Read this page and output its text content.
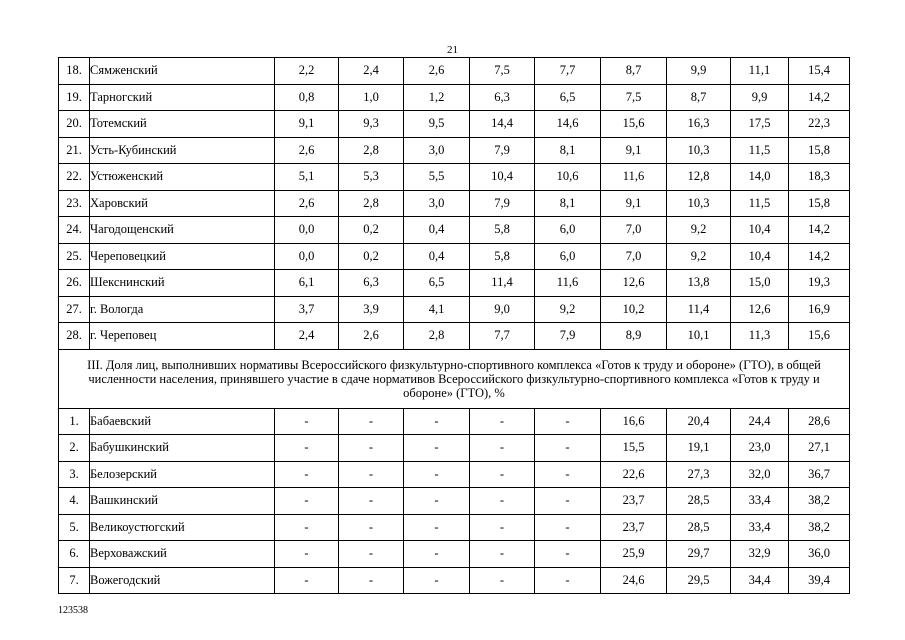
21
18.	Сямженский	2,2	2,4	2,6	7,5	7,7	8,7	9,9	11,1	15,4
19.	Тарногский	0,8	1,0	1,2	6,3	6,5	7,5	8,7	9,9	14,2
20.	Тотемский	9,1	9,3	9,5	14,4	14,6	15,6	16,3	17,5	22,3
21.	Усть-Кубинский	2,6	2,8	3,0	7,9	8,1	9,1	10,3	11,5	15,8
22.	Устюженский	5,1	5,3	5,5	10,4	10,6	11,6	12,8	14,0	18,3
23.	Харовский	2,6	2,8	3,0	7,9	8,1	9,1	10,3	11,5	15,8
24.	Чагодощенский	0,0	0,2	0,4	5,8	6,0	7,0	9,2	10,4	14,2
25.	Череповецкий	0,0	0,2	0,4	5,8	6,0	7,0	9,2	10,4	14,2
26.	Шекснинский	6,1	6,3	6,5	11,4	11,6	12,6	13,8	15,0	19,3
27.	г. Вологда	3,7	3,9	4,1	9,0	9,2	10,2	11,4	12,6	16,9
28.	г. Череповец	2,4	2,6	2,8	7,7	7,9	8,9	10,1	11,3	15,6
III. Доля лиц, выполнивших нормативы Всероссийского физкультурно-спортивного комплекса «Готов к труду и обороне» (ГТО), в общей численности населения, принявшего участие в сдаче нормативов Всероссийского физкультурно-спортивного комплекса «Готов к труду и обороне» (ГТО), %										
1.	Бабаевский	-	-	-	-	-	16,6	20,4	24,4	28,6
2.	Бабушкинский	-	-	-	-	-	15,5	19,1	23,0	27,1
3.	Белозерский	-	-	-	-	-	22,6	27,3	32,0	36,7
4.	Вашкинский	-	-	-	-	-	23,7	28,5	33,4	38,2
5.	Великоустюгский	-	-	-	-	-	23,7	28,5	33,4	38,2
6.	Верховажский	-	-	-	-	-	25,9	29,7	32,9	36,0
7.	Вожегодский	-	-	-	-	-	24,6	29,5	34,4	39,4
123538
